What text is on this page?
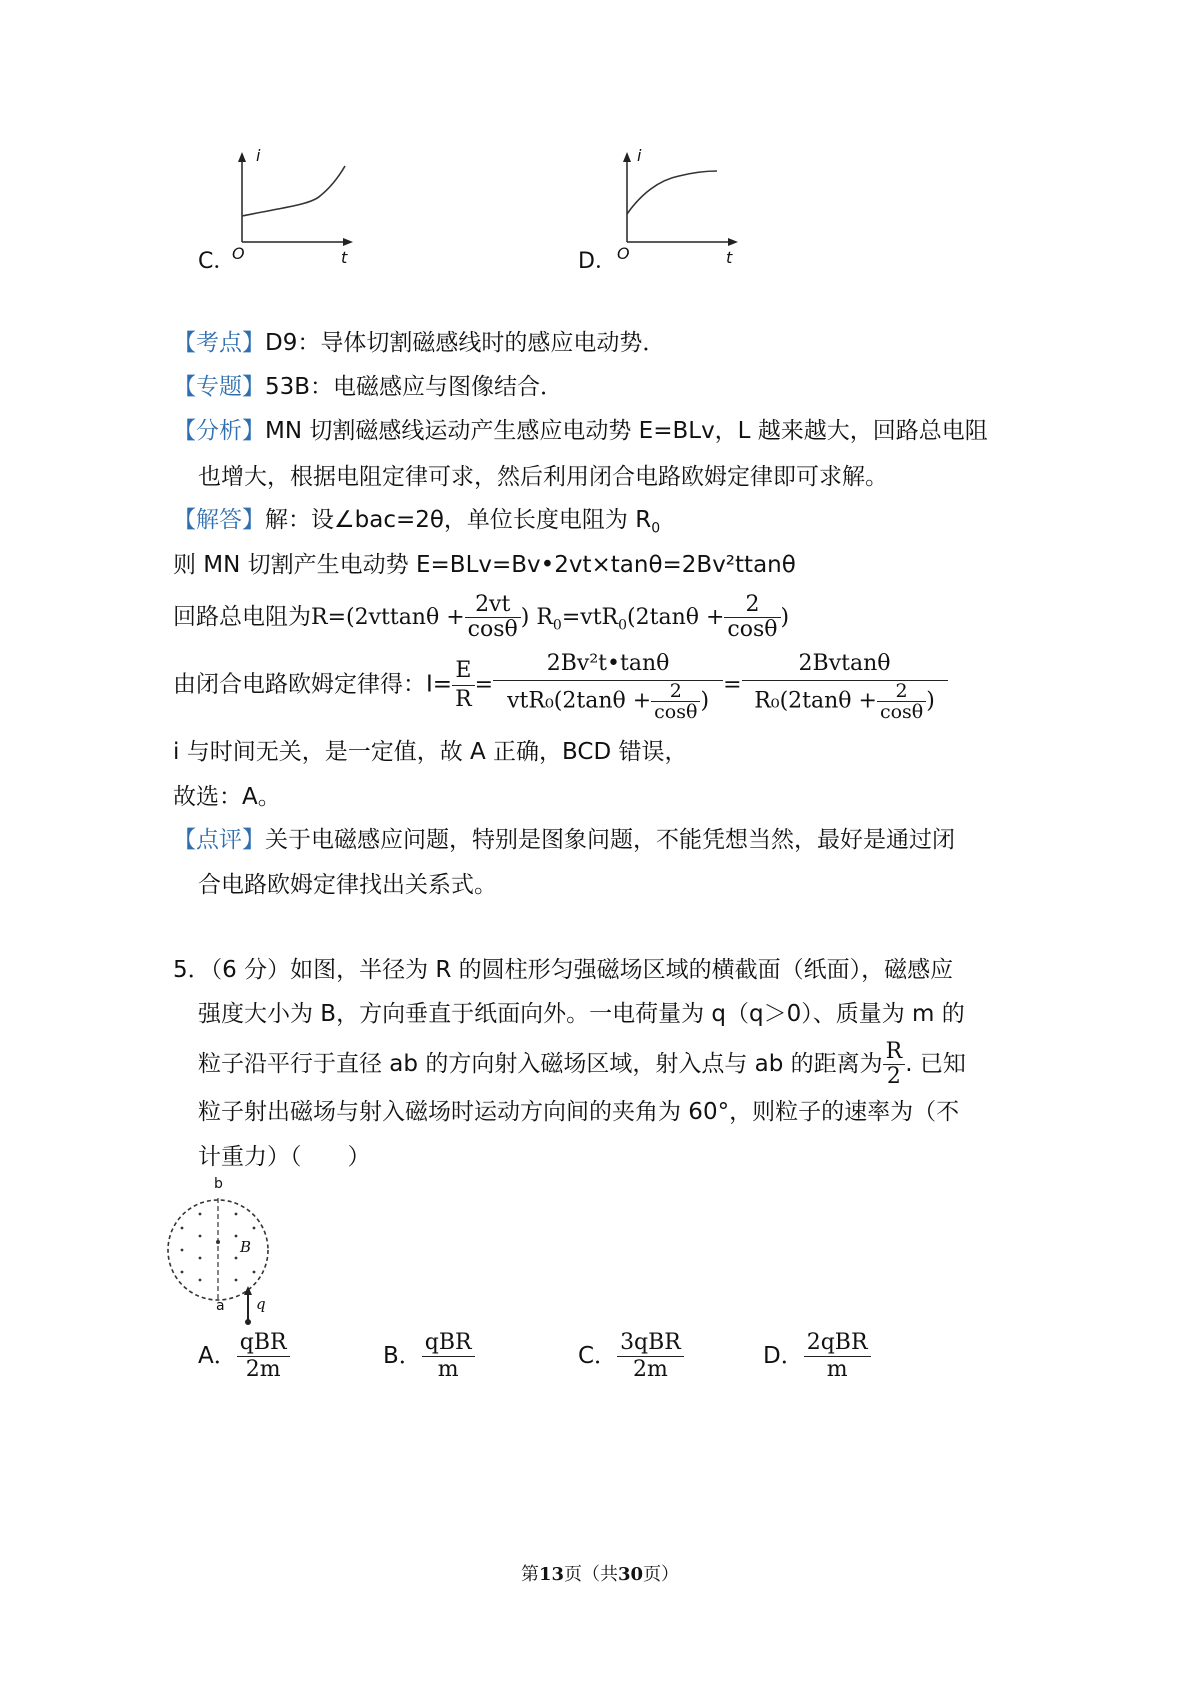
C．
i
O	t	D．
i
O	t
【考点】D9：导体切割磁感线时的感应电动势．
【专题】53B：电磁感应与图像结合．
【分析】MN 切割磁感线运动产生感应电动势 E=BLv，L 越来越大，回路总电阻
也增大，根据电阻定律可求，然后利用闭合电路欧姆定律即可求解。
【解答】解：设∠bac=2θ，单位长度电阻为 $R_0$
则 MN 切割产生电动势 E=BLv=Bv•2vt×tanθ=2Bv²ttanθ
回路总电阻为$R=(2vttan\theta + \frac{2vt}{\cos\theta}$ ) $R_0=vtR_0(2\tan\theta + \frac{2}{\cos\theta}$ )
由闭合电路欧姆定律得：$I= \frac{E}{R} = \frac{\text{2Bv²t•tanθ}}{vtR_0(2\tan\theta + \frac{2}{\cos\theta} )} = \frac{2Bvtan\theta}{R_0(2\tan\theta + \frac{2}{\cos\theta} )}$
i 与时间无关，是一定值，故 A 正确，BCD 错误，
故选：A。
【点评】关于电磁感应问题，特别是图象问题，不能凭想当然，最好是通过闭
合电路欧姆定律找出关系式。
5．（6 分）如图，半径为 R 的圆柱形匀强磁场区域的横截面（纸面），磁感应
强度大小为 B，方向垂直于纸面向外。一电荷量为 q（q＞0）、质量为 m 的
粒子沿平行于直径 ab 的方向射入磁场区域，射入点与 ab 的距离为 $\frac{R}{2}$ . 已知
粒子射出磁场与射入磁场时运动方向间的夹角为 60°，则粒子的速率为（不
计重力）（　　）
b
a
B
q
A． $\frac{\text{qBR}}{2m}$	B． $\frac{\text{qBR}}{m}$	C． $\frac{\text{3qBR}}{2m}$	D． $\frac{\text{2qBR}}{m}$
第13页（共30页）
